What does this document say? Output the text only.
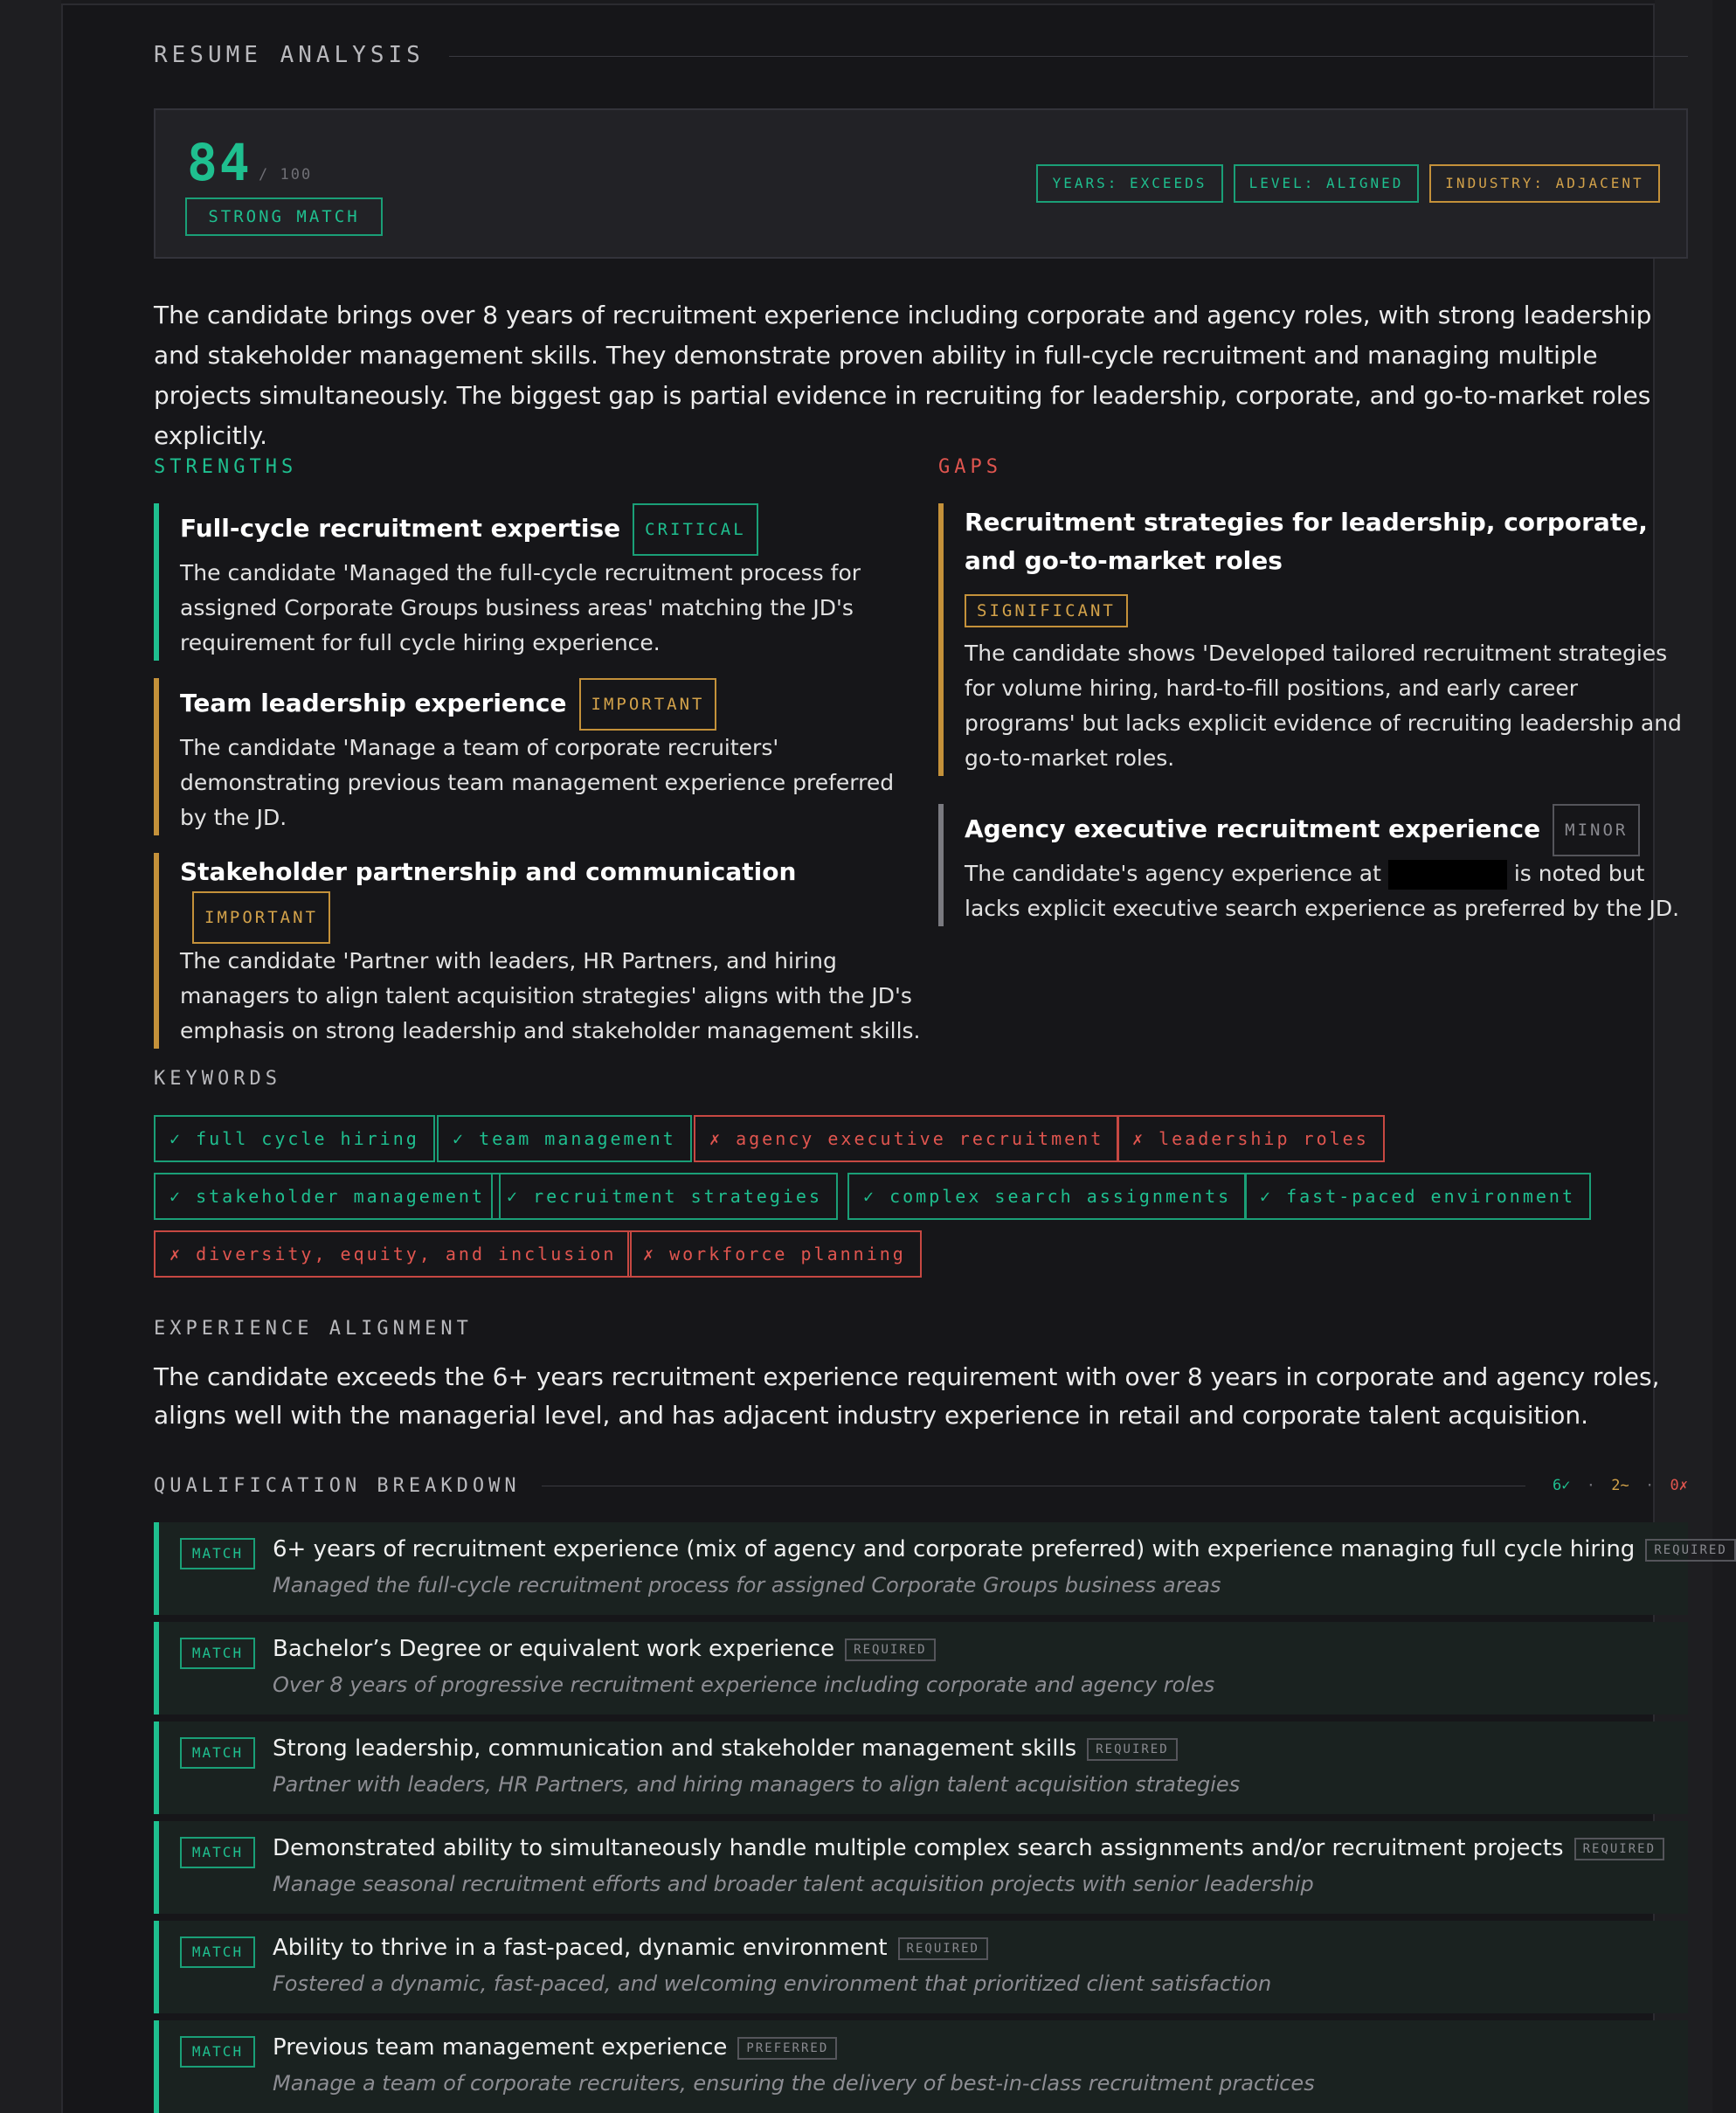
RESUME ANALYSIS
84 / 100
STRONG MATCH
YEARS: EXCEEDS	LEVEL: ALIGNED	INDUSTRY: ADJACENT
The candidate brings over 8 years of recruitment experience including corporate and agency roles, with strong leadership and stakeholder management skills. They demonstrate proven ability in full-cycle recruitment and managing multiple projects simultaneously. The biggest gap is partial evidence in recruiting for leadership, corporate, and go-to-market roles explicitly.
STRENGTHS
Full-cycle recruitment expertise CRITICAL
The candidate 'Managed the full-cycle recruitment process for assigned Corporate Groups business areas' matching the JD's requirement for full cycle hiring experience.
Team leadership experience IMPORTANT
The candidate 'Manage a team of corporate recruiters' demonstrating previous team management experience preferred by the JD.
Stakeholder partnership and communicationIMPORTANT
The candidate 'Partner with leaders, HR Partners, and hiring managers to align talent acquisition strategies' aligns with the JD's emphasis on strong leadership and stakeholder management skills.
GAPS
Recruitment strategies for leadership, corporate, and go-to-market roles
SIGNIFICANT
The candidate shows 'Developed tailored recruitment strategies for volume hiring, hard-to-fill positions, and early career programs' but lacks explicit evidence of recruiting leadership and go-to-market roles.
Agency executive recruitment experience MINOR
The candidate's agency experience at	is noted but lacks explicit executive search experience as preferred by the JD.
KEYWORDS
✓ full cycle hiring	✓ team management	✗ agency executive recruitment	✗ leadership roles
✓ stakeholder management	✓ recruitment strategies	✓ complex search assignments	✓ fast-paced environment
✗ diversity, equity, and inclusion	✗ workforce planning
EXPERIENCE ALIGNMENT
The candidate exceeds the 6+ years recruitment experience requirement with over 8 years in corporate and agency roles, aligns well with the managerial level, and has adjacent industry experience in retail and corporate talent acquisition.
QUALIFICATION BREAKDOWN	6✓ · 2~ · 0✗
MATCH	6+ years of recruitment experience (mix of agency and corporate preferred) with experience managing full cycle hiring REQUIRED
Managed the full-cycle recruitment process for assigned Corporate Groups business areas
MATCH	Bachelor’s Degree or equivalent work experience REQUIRED
Over 8 years of progressive recruitment experience including corporate and agency roles
MATCH	Strong leadership, communication and stakeholder management skills REQUIRED
Partner with leaders, HR Partners, and hiring managers to align talent acquisition strategies
MATCH	Demonstrated ability to simultaneously handle multiple complex search assignments and/or recruitment projects REQUIRED
Manage seasonal recruitment efforts and broader talent acquisition projects with senior leadership
MATCH	Ability to thrive in a fast-paced, dynamic environment REQUIRED
Fostered a dynamic, fast-paced, and welcoming environment that prioritized client satisfaction
MATCH	Previous team management experience PREFERRED
Manage a team of corporate recruiters, ensuring the delivery of best-in-class recruitment practices
